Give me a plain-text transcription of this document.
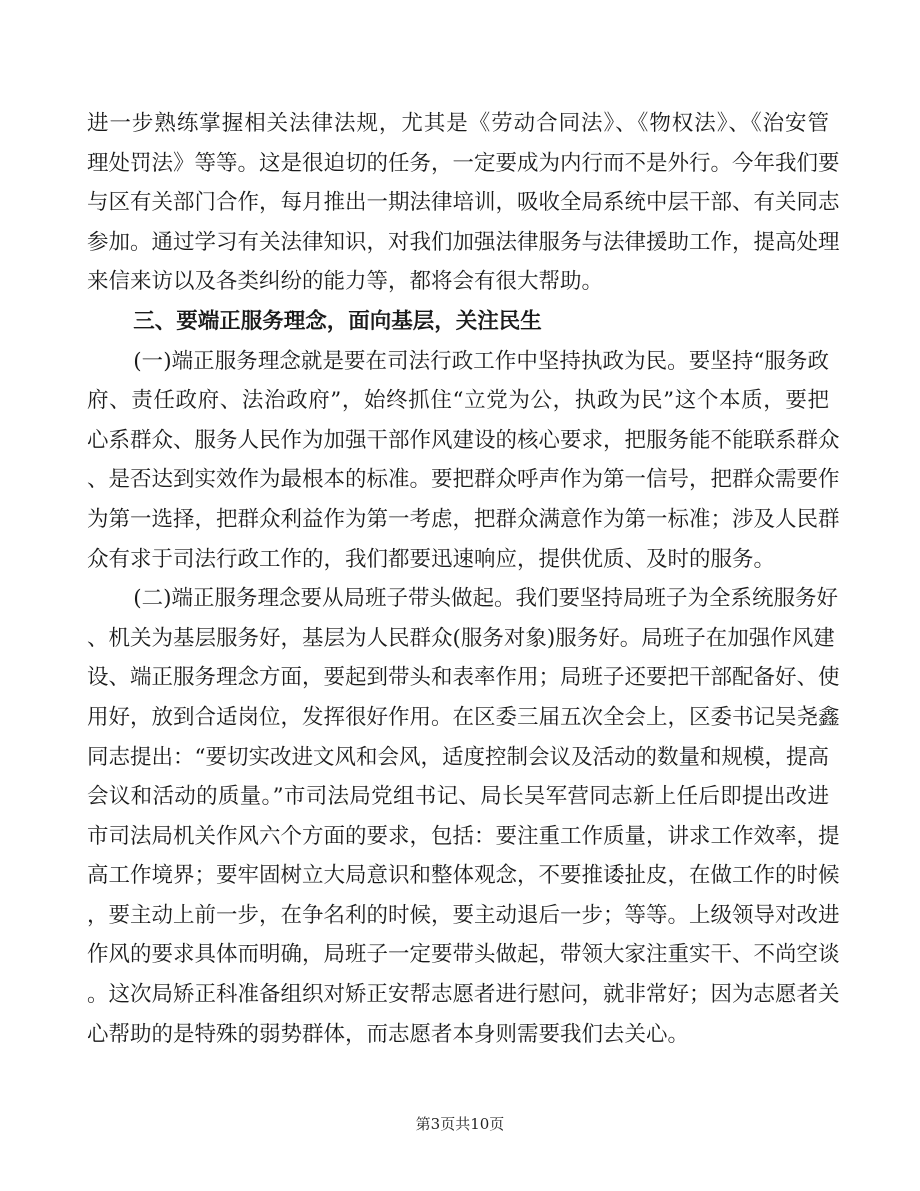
进一步熟练掌握相关法律法规，尤其是《劳动合同法》、《物权法》、《治安管
理处罚法》等等。这是很迫切的任务，一定要成为内行而不是外行。今年我们要
与区有关部门合作，每月推出一期法律培训，吸收全局系统中层干部、有关同志
参加。通过学习有关法律知识，对我们加强法律服务与法律援助工作，提高处理
来信来访以及各类纠纷的能力等，都将会有很大帮助。
三、要端正服务理念，面向基层，关注民生
(一)端正服务理念就是要在司法行政工作中坚持执政为民。要坚持“服务政
府、责任政府、法治政府”，始终抓住“立党为公，执政为民”这个本质，要把
心系群众、服务人民作为加强干部作风建设的核心要求，把服务能不能联系群众
、是否达到实效作为最根本的标准。要把群众呼声作为第一信号，把群众需要作
为第一选择，把群众利益作为第一考虑，把群众满意作为第一标准；涉及人民群
众有求于司法行政工作的，我们都要迅速响应，提供优质、及时的服务。
(二)端正服务理念要从局班子带头做起。我们要坚持局班子为全系统服务好
、机关为基层服务好，基层为人民群众(服务对象)服务好。局班子在加强作风建
设、端正服务理念方面，要起到带头和表率作用；局班子还要把干部配备好、使
用好，放到合适岗位，发挥很好作用。在区委三届五次全会上，区委书记吴尧鑫
同志提出：“要切实改进文风和会风，适度控制会议及活动的数量和规模，提高
会议和活动的质量。”市司法局党组书记、局长吴军营同志新上任后即提出改进
市司法局机关作风六个方面的要求，包括：要注重工作质量，讲求工作效率，提
高工作境界；要牢固树立大局意识和整体观念，不要推诿扯皮，在做工作的时候
，要主动上前一步，在争名利的时候，要主动退后一步；等等。上级领导对改进
作风的要求具体而明确，局班子一定要带头做起，带领大家注重实干、不尚空谈
。这次局矫正科准备组织对矫正安帮志愿者进行慰问，就非常好；因为志愿者关
心帮助的是特殊的弱势群体，而志愿者本身则需要我们去关心。
第3页共10页
